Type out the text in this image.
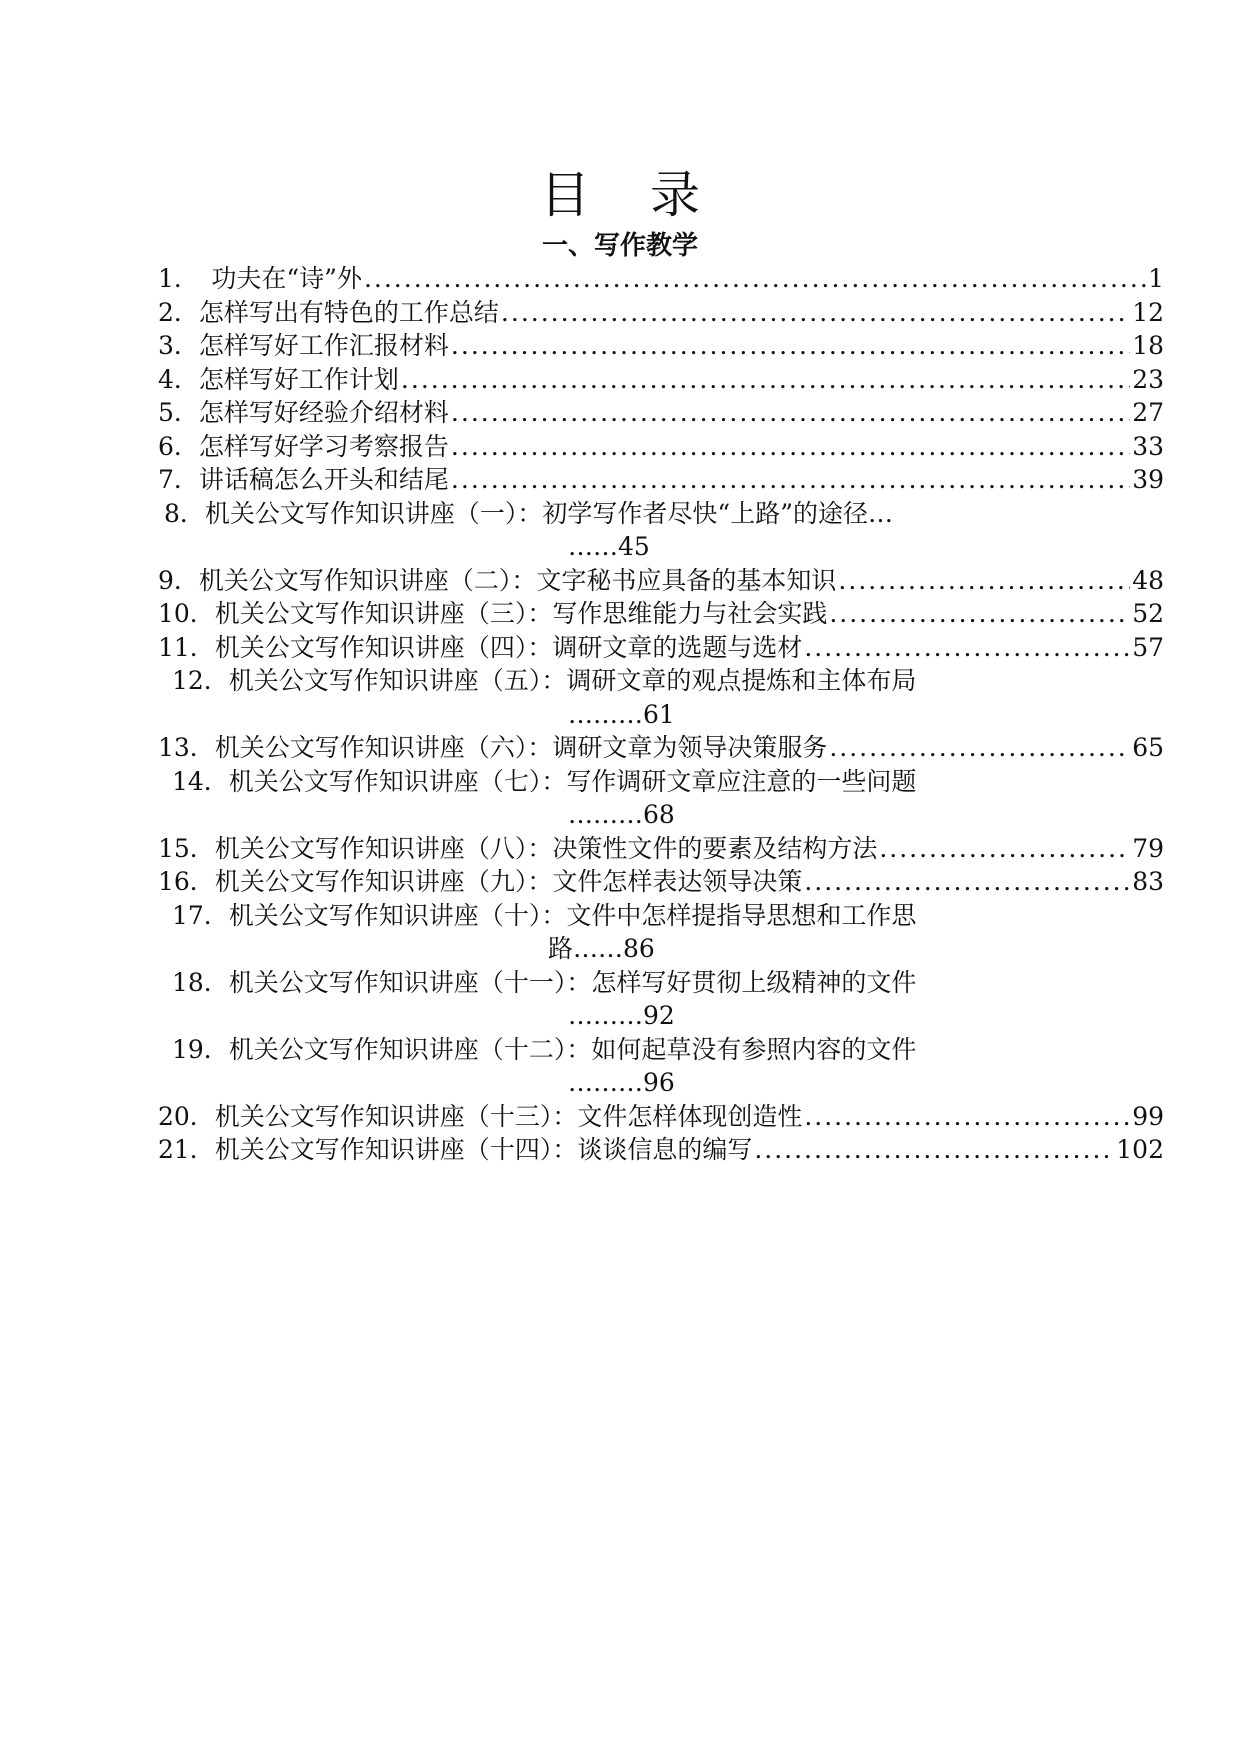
目 录
一、写作教学
1．　功夫在“诗”外 .....	1
2．怎样写出有特色的工作总结 .....	12
3．怎样写好工作汇报材料 .....	18
4．怎样写好工作计划 .....	23
5．怎样写好经验介绍材料 .....	27
6．怎样写好学习考察报告 .....	33
7．讲话稿怎么开头和结尾 .....	39
8．机关公文写作知识讲座（一）：初学写作者尽快“上路”的途径…
……45
9．机关公文写作知识讲座（二）：文字秘书应具备的基本知识 .....	48
10．机关公文写作知识讲座（三）：写作思维能力与社会实践 .....	52
11．机关公文写作知识讲座（四）：调研文章的选题与选材 .....	57
12．机关公文写作知识讲座（五）：调研文章的观点提炼和主体布局
………61
13．机关公文写作知识讲座（六）：调研文章为领导决策服务 .....	65
14．机关公文写作知识讲座（七）：写作调研文章应注意的一些问题
………68
15．机关公文写作知识讲座（八）：决策性文件的要素及结构方法 .....	79
16．机关公文写作知识讲座（九）：文件怎样表达领导决策 .....	83
17．机关公文写作知识讲座（十）：文件中怎样提指导思想和工作思
路……86
18．机关公文写作知识讲座（十一）：怎样写好贯彻上级精神的文件
………92
19．机关公文写作知识讲座（十二）：如何起草没有参照内容的文件
………96
20．机关公文写作知识讲座（十三）：文件怎样体现创造性 .....	99
21．机关公文写作知识讲座（十四）：谈谈信息的编写 .....	102
